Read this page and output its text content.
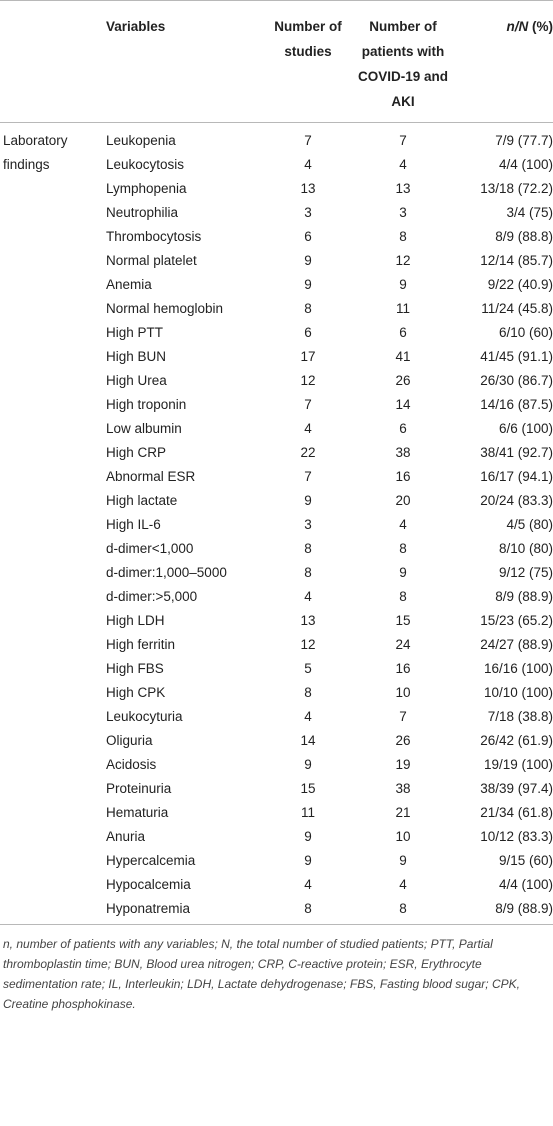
	Variables	Number of studies	Number of patients with COVID-19 and AKI	n/N (%)

Laboratory findings	Leukopenia	7	7	7/9 (77.7)
	Leukocytosis	4	4	4/4 (100)
	Lymphopenia	13	13	13/18 (72.2)
	Neutrophilia	3	3	3/4 (75)
	Thrombocytosis	6	8	8/9 (88.8)
	Normal platelet	9	12	12/14 (85.7)
	Anemia	9	9	9/22 (40.9)
	Normal hemoglobin	8	11	11/24 (45.8)
	High PTT	6	6	6/10 (60)
	High BUN	17	41	41/45 (91.1)
	High Urea	12	26	26/30 (86.7)
	High troponin	7	14	14/16 (87.5)
	Low albumin	4	6	6/6 (100)
	High CRP	22	38	38/41 (92.7)
	Abnormal ESR	7	16	16/17 (94.1)
	High lactate	9	20	20/24 (83.3)
	High IL-6	3	4	4/5 (80)
	d-dimer<1,000	8	8	8/10 (80)
	d-dimer:1,000–5000	8	9	9/12 (75)
	d-dimer:>5,000	4	8	8/9 (88.9)
	High LDH	13	15	15/23 (65.2)
	High ferritin	12	24	24/27 (88.9)
	High FBS	5	16	16/16 (100)
	High CPK	8	10	10/10 (100)
	Leukocyturia	4	7	7/18 (38.8)
	Oliguria	14	26	26/42 (61.9)
	Acidosis	9	19	19/19 (100)
	Proteinuria	15	38	38/39 (97.4)
	Hematuria	11	21	21/34 (61.8)
	Anuria	9	10	10/12 (83.3)
	Hypercalcemia	9	9	9/15 (60)
	Hypocalcemia	4	4	4/4 (100)
	Hyponatremia	8	8	8/9 (88.9)
n, number of patients with any variables; N, the total number of studied patients; PTT, Partial thromboplastin time; BUN, Blood urea nitrogen; CRP, C-reactive protein; ESR, Erythrocyte sedimentation rate; IL, Interleukin; LDH, Lactate dehydrogenase; FBS, Fasting blood sugar; CPK, Creatine phosphokinase.
